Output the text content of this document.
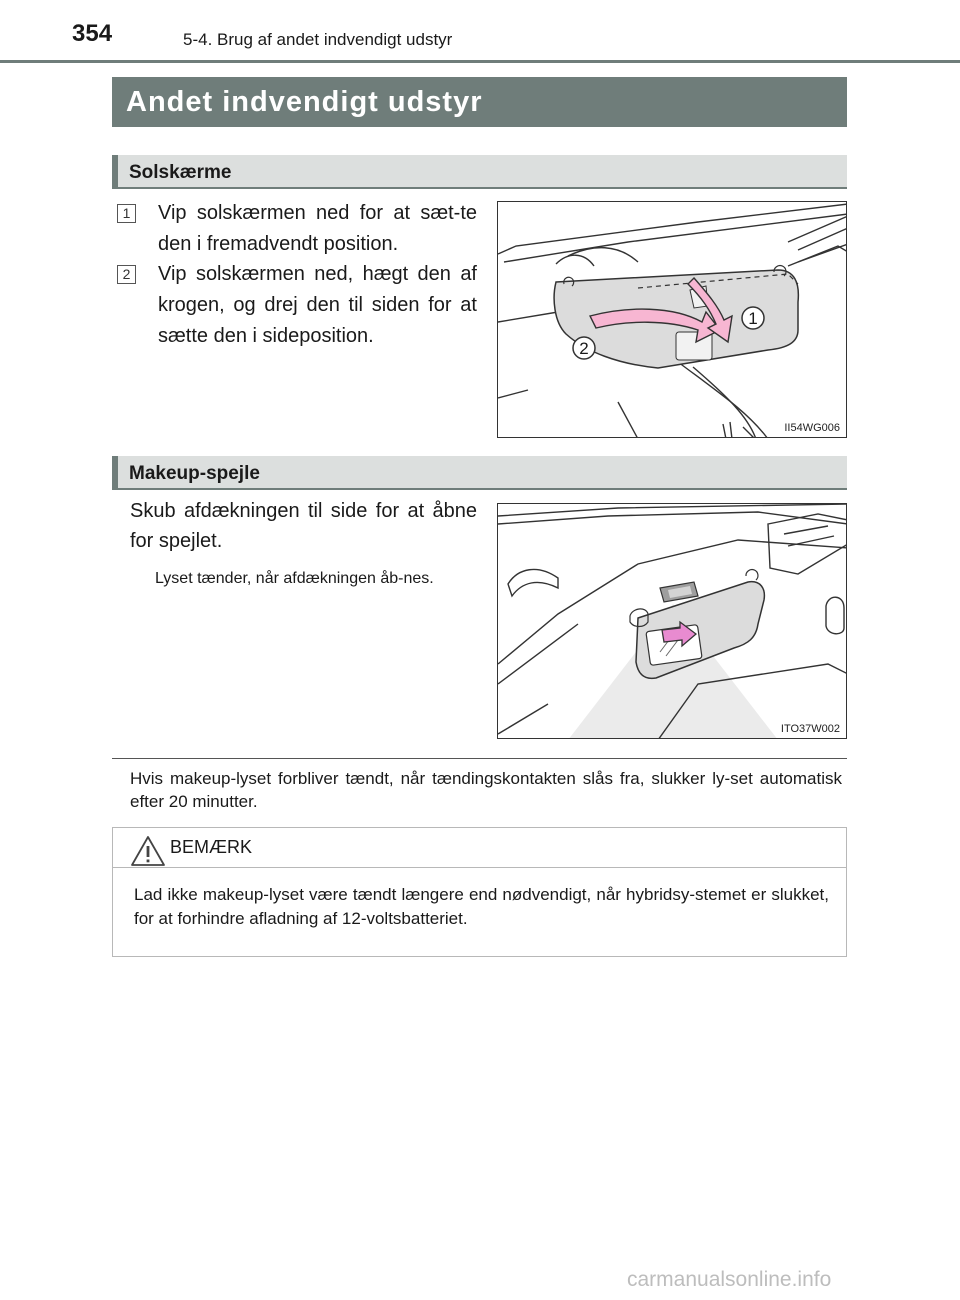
354	5-4. Brug af andet indvendigt udstyr
Andet indvendigt udstyr
Solskærme
1 Vip solskærmen ned for at sæt-te den i fremadvendt position.
2 Vip solskærmen ned, hægt den af krogen, og drej den til siden for at sætte den i sideposition.
1
2
II54WG006
Makeup-spejle
Skub afdækningen til side for at åbne for spejlet.
Lyset tænder, når afdækningen åb-nes.
ITO37W002
Hvis makeup-lyset forbliver tændt, når tændingskontakten slås fra, slukker ly-set automatisk efter 20 minutter.
BEMÆRK
Lad ikke makeup-lyset være tændt længere end nødvendigt, når hybridsy-stemet er slukket, for at forhindre afladning af 12-voltsbatteriet.
carmanualsonline.info
